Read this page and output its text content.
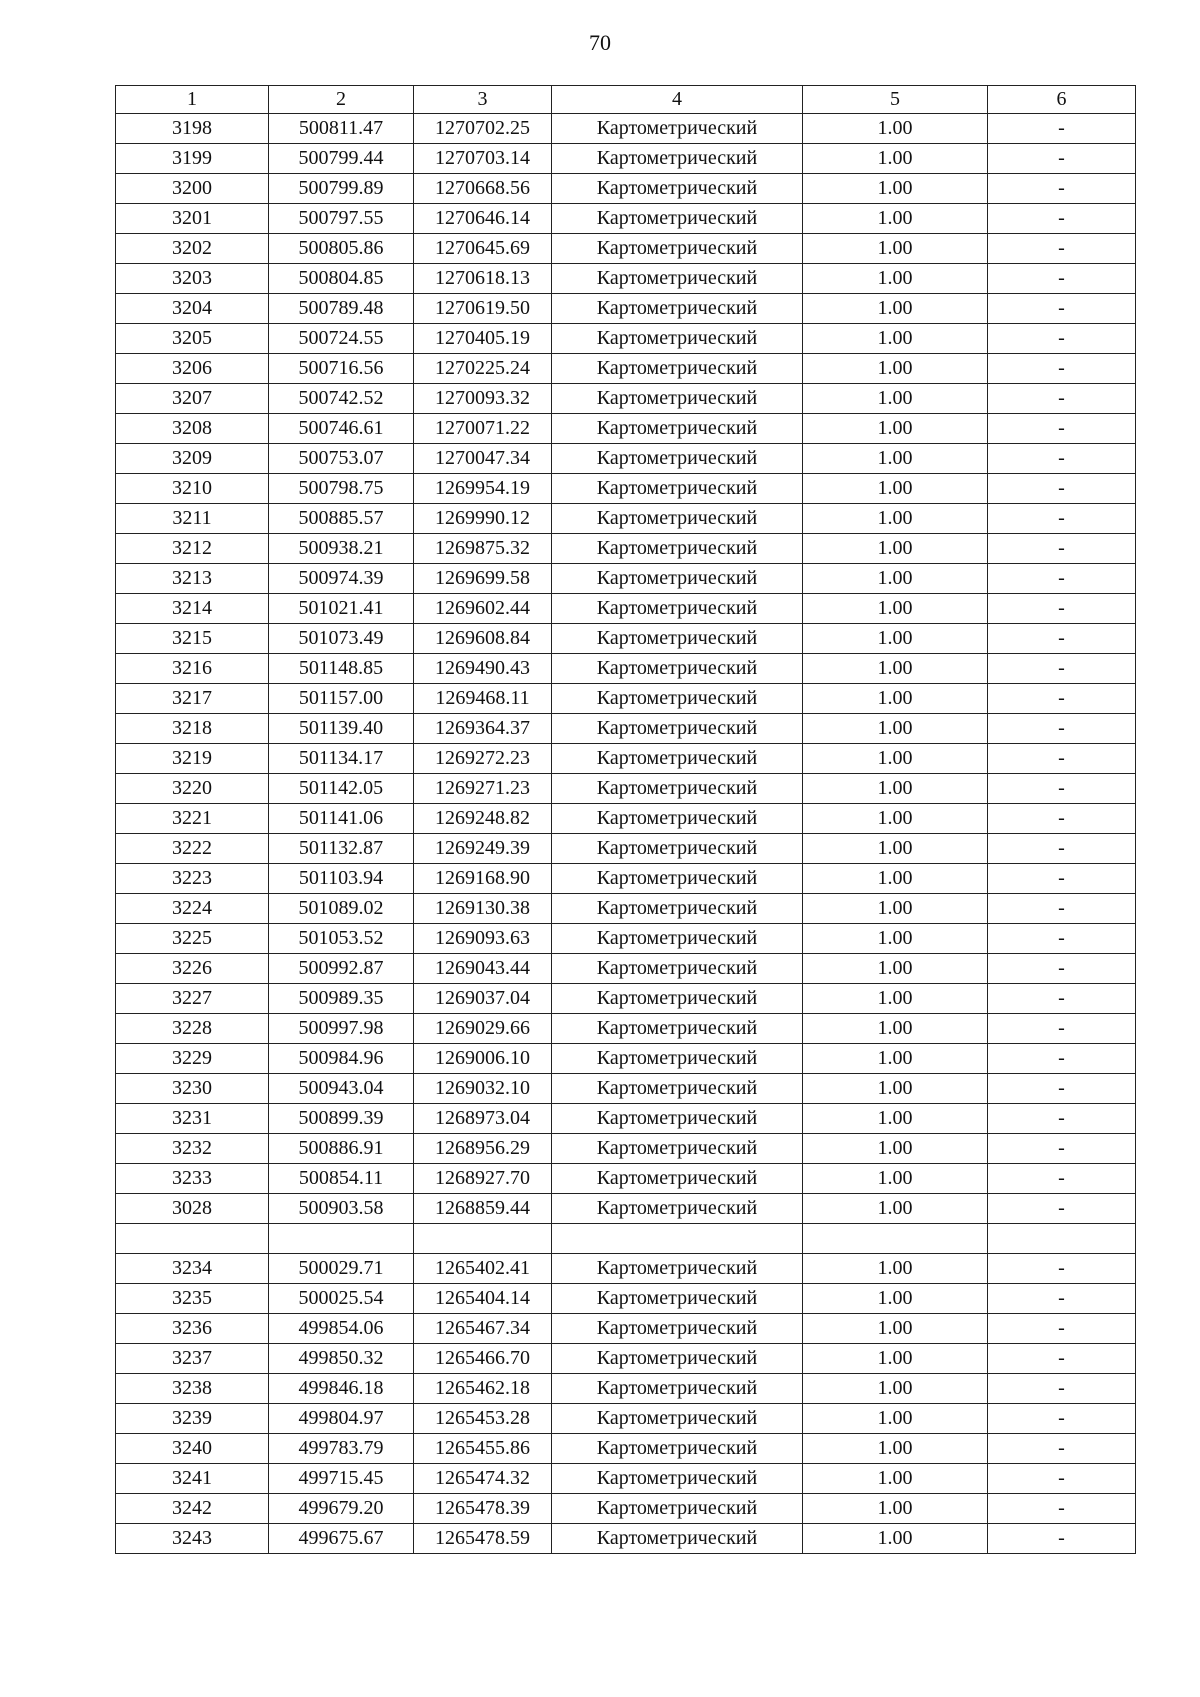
70
1	2	3	4	5	6
3198	500811.47	1270702.25	Картометрический	1.00	-
3199	500799.44	1270703.14	Картометрический	1.00	-
3200	500799.89	1270668.56	Картометрический	1.00	-
3201	500797.55	1270646.14	Картометрический	1.00	-
3202	500805.86	1270645.69	Картометрический	1.00	-
3203	500804.85	1270618.13	Картометрический	1.00	-
3204	500789.48	1270619.50	Картометрический	1.00	-
3205	500724.55	1270405.19	Картометрический	1.00	-
3206	500716.56	1270225.24	Картометрический	1.00	-
3207	500742.52	1270093.32	Картометрический	1.00	-
3208	500746.61	1270071.22	Картометрический	1.00	-
3209	500753.07	1270047.34	Картометрический	1.00	-
3210	500798.75	1269954.19	Картометрический	1.00	-
3211	500885.57	1269990.12	Картометрический	1.00	-
3212	500938.21	1269875.32	Картометрический	1.00	-
3213	500974.39	1269699.58	Картометрический	1.00	-
3214	501021.41	1269602.44	Картометрический	1.00	-
3215	501073.49	1269608.84	Картометрический	1.00	-
3216	501148.85	1269490.43	Картометрический	1.00	-
3217	501157.00	1269468.11	Картометрический	1.00	-
3218	501139.40	1269364.37	Картометрический	1.00	-
3219	501134.17	1269272.23	Картометрический	1.00	-
3220	501142.05	1269271.23	Картометрический	1.00	-
3221	501141.06	1269248.82	Картометрический	1.00	-
3222	501132.87	1269249.39	Картометрический	1.00	-
3223	501103.94	1269168.90	Картометрический	1.00	-
3224	501089.02	1269130.38	Картометрический	1.00	-
3225	501053.52	1269093.63	Картометрический	1.00	-
3226	500992.87	1269043.44	Картометрический	1.00	-
3227	500989.35	1269037.04	Картометрический	1.00	-
3228	500997.98	1269029.66	Картометрический	1.00	-
3229	500984.96	1269006.10	Картометрический	1.00	-
3230	500943.04	1269032.10	Картометрический	1.00	-
3231	500899.39	1268973.04	Картометрический	1.00	-
3232	500886.91	1268956.29	Картометрический	1.00	-
3233	500854.11	1268927.70	Картометрический	1.00	-
3028	500903.58	1268859.44	Картометрический	1.00	-

3234	500029.71	1265402.41	Картометрический	1.00	-
3235	500025.54	1265404.14	Картометрический	1.00	-
3236	499854.06	1265467.34	Картометрический	1.00	-
3237	499850.32	1265466.70	Картометрический	1.00	-
3238	499846.18	1265462.18	Картометрический	1.00	-
3239	499804.97	1265453.28	Картометрический	1.00	-
3240	499783.79	1265455.86	Картометрический	1.00	-
3241	499715.45	1265474.32	Картометрический	1.00	-
3242	499679.20	1265478.39	Картометрический	1.00	-
3243	499675.67	1265478.59	Картометрический	1.00	-
